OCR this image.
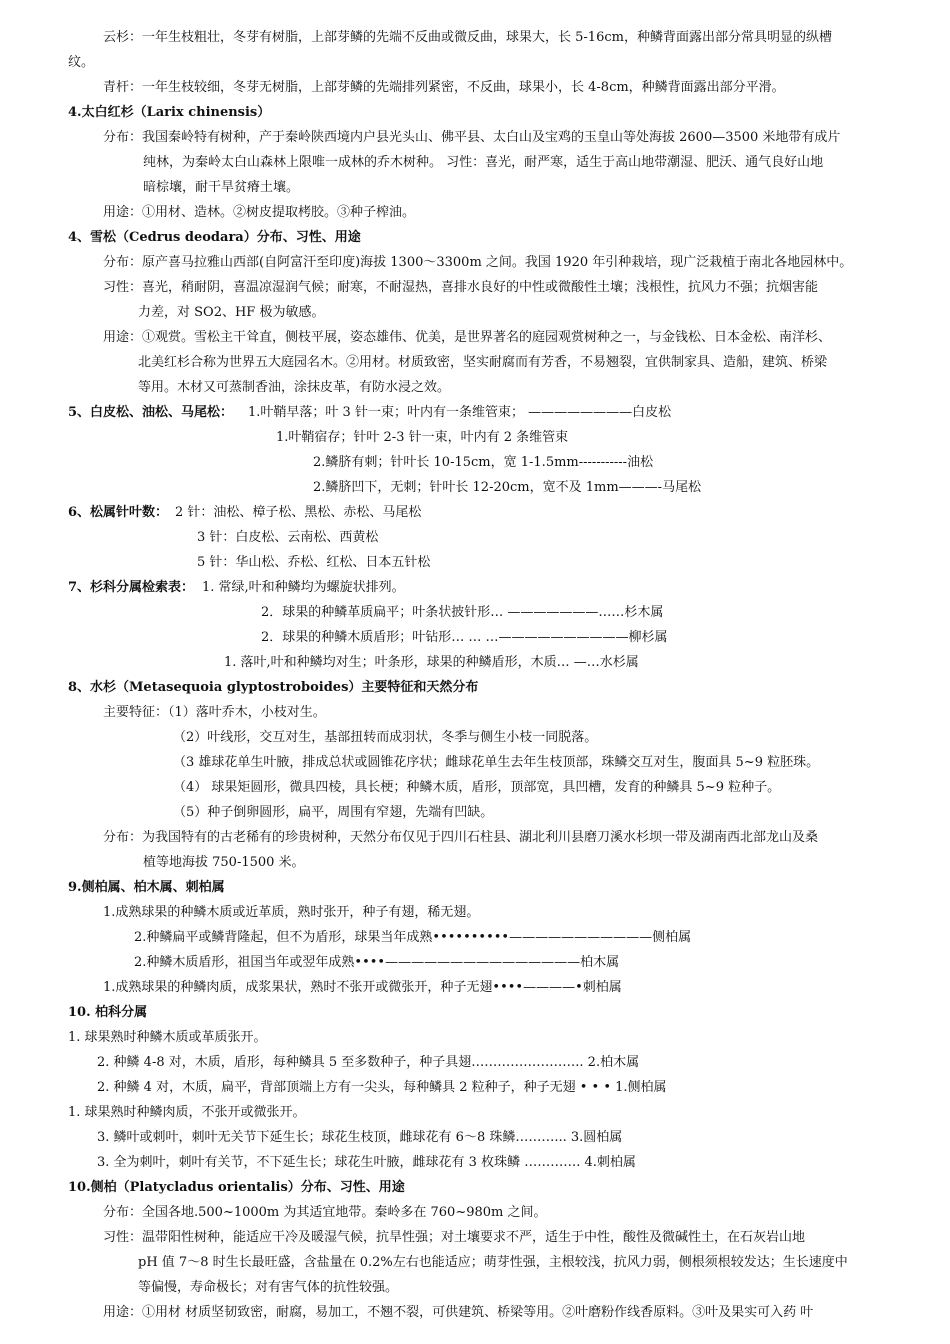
云杉：一年生枝粗壮，冬芽有树脂，上部芽鳞的先端不反曲或微反曲，球果大，长 5-16cm，种鳞背面露出部分常具明显的纵槽
纹。
青杆：一年生枝较细，冬芽无树脂，上部芽鳞的先端排列紧密，不反曲，球果小，长 4-8cm，种鳞背面露出部分平滑。
4.太白红杉（Larix chinensis）
分布：我国秦岭特有树种，产于秦岭陕西境内户县光头山、佛平县、太白山及宝鸡的玉皇山等处海拔 2600—3500 米地带有成片
纯林，为秦岭太白山森林上限唯一成林的乔木树种。 习性：喜光，耐严寒，适生于高山地带潮湿、肥沃、通气良好山地
暗棕壤，耐干旱贫瘠土壤。
用途：①用材、造林。②树皮提取栲胶。③种子榨油。
4、雪松（Cedrus deodara）分布、习性、用途
分布：原产喜马拉雅山西部(自阿富汗至印度)海拔 1300～3300m 之间。我国 1920 年引种栽培，现广泛栽植于南北各地园林中。
习性：喜光，稍耐阴，喜温凉湿润气候；耐寒，不耐湿热，喜排水良好的中性或微酸性土壤；浅根性，抗风力不强；抗烟害能
力差，对 SO2、HF 极为敏感。
用途：①观赏。雪松主干耸直，侧枝平展，姿态雄伟、优美，是世界著名的庭园观赏树种之一，与金钱松、日本金松、南洋杉、
北美红杉合称为世界五大庭园名木。②用材。材质致密，坚实耐腐而有芳香，不易翘裂，宜供制家具、造船，建筑、桥梁
等用。木材又可蒸制香油，涂抹皮革，有防水浸之效。
5、白皮松、油松、马尾松： 1.叶鞘早落；叶 3 针一束；叶内有一条维管束； ————————白皮松
1.叶鞘宿存；针叶 2-3 针一束，叶内有 2 条维管束
2.鳞脐有刺；针叶长 10-15cm，宽 1-1.5mm-----------油松
2.鳞脐凹下，无刺；针叶长 12-20cm，宽不及 1mm———-马尾松
6、松属针叶数： 2 针：油松、樟子松、黑松、赤松、马尾松
3 针：白皮松、云南松、西黄松
5 针：华山松、乔松、红松、日本五针松
7、杉科分属检索表： 1. 常绿,叶和种鳞均为螺旋状排列。
2．球果的种鳞革质扁平；叶条状披针形… ———————……杉木属
2．球果的种鳞木质盾形；叶钻形… … …——————————柳杉属
1. 落叶,叶和种鳞均对生；叶条形，球果的种鳞盾形，木质… —…水杉属
8、水杉（Metasequoia glyptostroboides）主要特征和天然分布
主要特征：（1）落叶乔木，小枝对生。
（2）叶线形，交互对生，基部扭转而成羽状，冬季与侧生小枝一同脱落。
（3 雄球花单生叶腋，排成总状或圆锥花序状；雌球花单生去年生枝顶部，珠鳞交互对生，腹面具 5~9 粒胚珠。
（4） 球果矩圆形，微具四棱，具长梗；种鳞木质，盾形，顶部宽，具凹槽，发育的种鳞具 5~9 粒种子。
（5）种子倒卵圆形，扁平，周围有窄翅，先端有凹缺。
分布：为我国特有的古老稀有的珍贵树种，天然分布仅见于四川石柱县、湖北利川县磨刀溪水杉坝一带及湖南西北部龙山及桑
植等地海拔 750-1500 米。
9.侧柏属、柏木属、刺柏属
1.成熟球果的种鳞木质或近革质，熟时张开，种子有翅，稀无翅。
2.种鳞扁平或鳞背隆起，但不为盾形，球果当年成熟••••••••••———————————侧柏属
2.种鳞木质盾形，祖国当年或翌年成熟••••———————————————柏木属
1.成熟球果的种鳞肉质，成浆果状，熟时不张开或微张开，种子无翅••••————•刺柏属
10. 柏科分属
1. 球果熟时种鳞木质或革质张开。
2. 种鳞 4-8 对，木质，盾形，每种鳞具 5 至多数种子，种子具翅…………………….. 2.柏木属
2. 种鳞 4 对，木质，扁平，背部顶端上方有一尖头，每种鳞具 2 粒种子，种子无翅 • • • 1.侧柏属
1. 球果熟时种鳞肉质，不张开或微张开。
3. 鳞叶或刺叶，刺叶无关节下延生长；球花生枝顶，雌球花有 6～8 珠鳞………... 3.圆柏属
3. 全为刺叶，刺叶有关节，不下延生长；球花生叶腋，雌球花有 3 枚珠鳞 …………. 4.刺柏属
10.侧柏（Platycladus orientalis）分布、习性、用途
分布：全国各地.500~1000m 为其适宜地带。秦岭多在 760~980m 之间。
习性：温带阳性树种，能适应干冷及暖湿气候，抗旱性强；对土壤要求不严，适生于中性，酸性及微碱性土，在石灰岩山地
pH 值 7～8 时生长最旺盛，含盐量在 0.2%左右也能适应；萌芽性强，主根较浅，抗风力弱，侧根须根较发达；生长速度中
等偏慢，寿命极长；对有害气体的抗性较强。
用途：①用材 材质坚韧致密，耐腐，易加工，不翘不裂，可供建筑、桥梁等用。②叶磨粉作线香原料。③叶及果实可入药 叶
